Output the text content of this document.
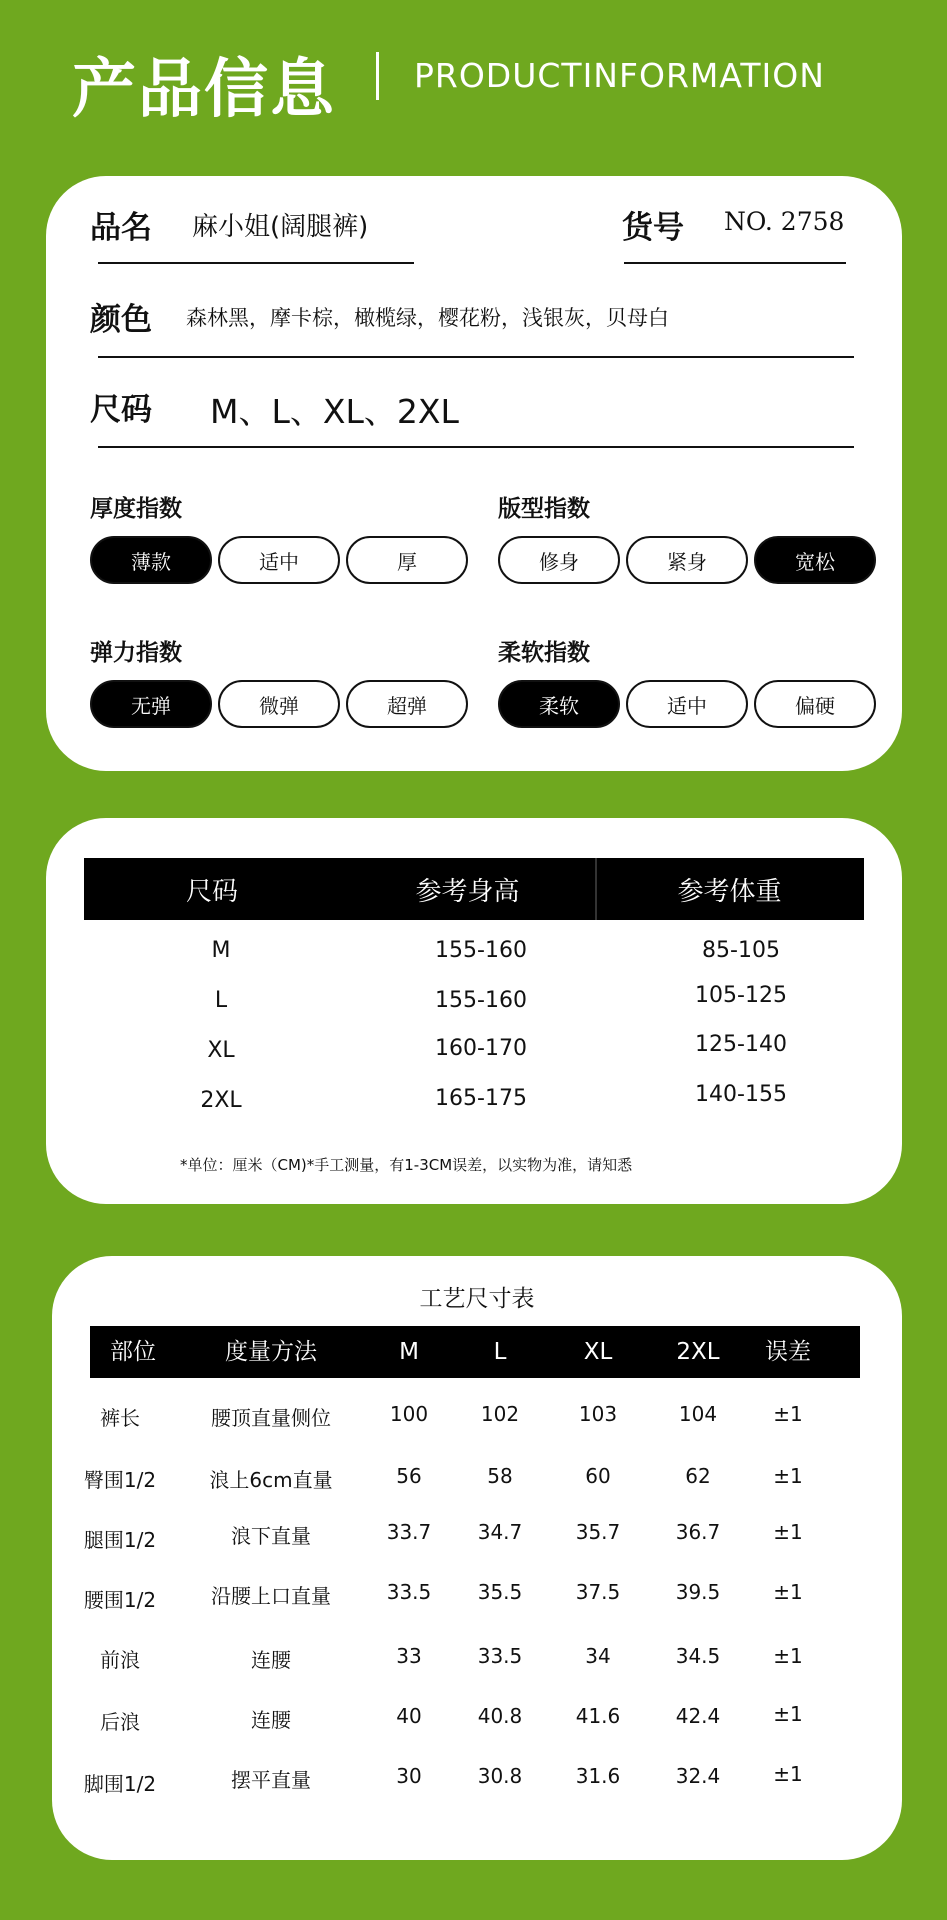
产品信息 PRODUCTINFORMATION
品名 麻小姐(阔腿裤)	货号 NO. 2758
颜色 森林黑，摩卡棕，橄榄绿，樱花粉，浅银灰，贝母白
尺码 M、L、XL、2XL
厚度指数
薄款	适中	厚
版型指数
修身	紧身	宽松
弹力指数
无弹	微弹	超弹
柔软指数
柔软	适中	偏硬
尺码	参考身高	参考体重
M	155-160	85-105
L	155-160	105-125
XL	160-170	125-140
2XL	165-175	140-155
*单位：厘米（CM)*手工测量，有1-3CM误差，以实物为准，请知悉
工艺尺寸表
部位	度量方法	M	L	XL	2XL	误差
裤长	腰顶直量侧位	100	102	103	104	±1
臀围1/2	浪上6cm直量	56	58	60	62	±1
腿围1/2	浪下直量	33.7	34.7	35.7	36.7	±1
腰围1/2	沿腰上口直量	33.5	35.5	37.5	39.5	±1
前浪	连腰	33	33.5	34	34.5	±1
后浪	连腰	40	40.8	41.6	42.4	±1
脚围1/2	摆平直量	30	30.8	31.6	32.4	±1
